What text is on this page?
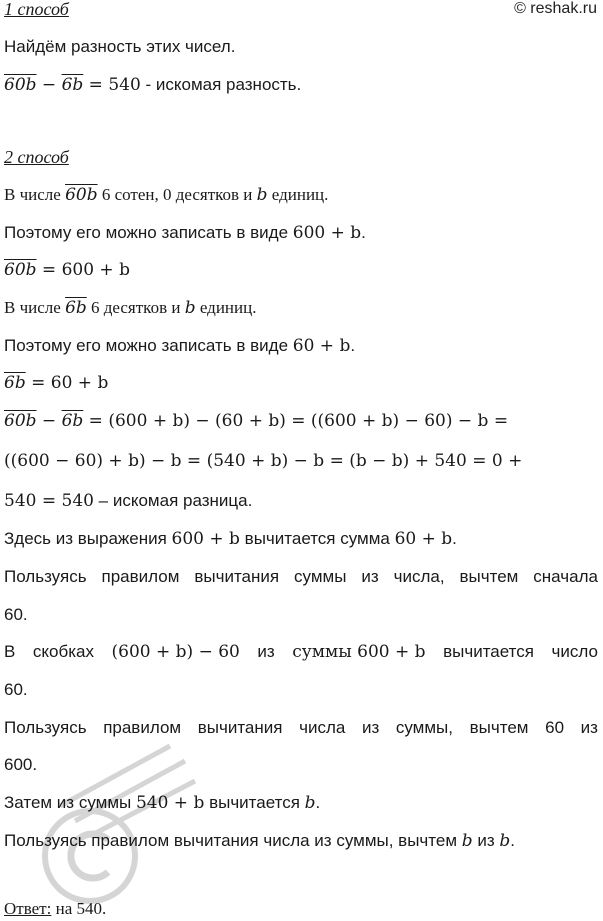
© reshak.ru
1 способ
Найдём разность этих чисел.
60b − 6b = 540 - искомая разность.
2 способ
В числе 60b 6 сотен, 0 десятков и b единиц.
Поэтому его можно записать в виде 600 + b.
60b = 600 + b
В числе 6b 6 десятков и b единиц.
Поэтому его можно записать в виде 60 + b.
6b = 60 + b
60b − 6b = (600 + b) − (60 + b) = ((600 + b) − 60) − b =
((600 − 60) + b) − b = (540 + b) − b = (b − b) + 540 = 0 +
540 = 540 – искомая разница.
Здесь из выражения 600 + b вычитается сумма 60 + b.
Пользуясь правилом вычитания суммы из числа, вычтем сначала
60.
В скобках (600 + b) − 60 из суммы 600 + b вычитается число
60.
Пользуясь правилом вычитания числа из суммы, вычтем 60 из
600.
Затем из суммы 540 + b вычитается b.
Пользуясь правилом вычитания числа из суммы, вычтем b из b.
Ответ: на 540.
